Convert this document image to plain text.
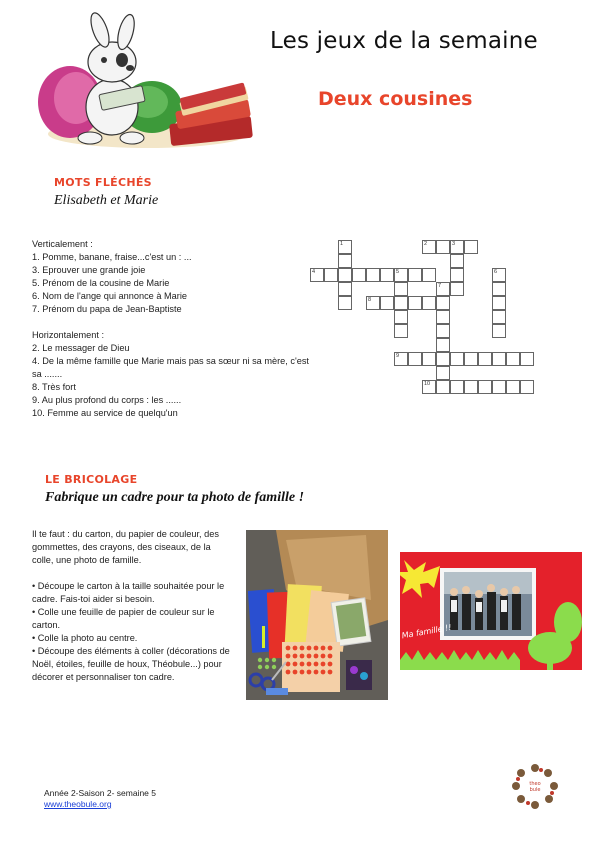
Les jeux de la semaine
Deux cousines
MOTS FLÉCHÉS
Elisabeth et Marie

Verticalement :

1. Pomme, banane, fraise...c'est un : ...

3. Eprouver une grande joie

5. Prénom de la cousine de Marie

6. Nom de l'ange qui annonce à Marie

7. Prénom du papa de Jean-Baptiste

Horizontalement :

2. Le messager de Dieu

4. De la même famille que Marie mais pas sa sœur ni sa mère, c'est sa .......

8. Très fort

9. Au plus profond du corps : les ......

10. Femme au service de quelqu'un

1	2	3
4	5	6
7
8
9
10
LE BRICOLAGE
Fabrique un cadre pour ta photo de famille !

Il te faut : du carton, du papier de couleur, des gommettes, des crayons, des ciseaux, de la colle, une photo de famille.

• Découpe le carton à la taille souhaitée pour le cadre. Fais-toi aider si besoin.

• Colle une feuille de papier de couleur sur le carton.

• Colle la photo au centre.

• Découpe des éléments à coller (décorations de Noël, étoiles, feuille de houx, Théobule...) pour décorer et personnaliser ton cadre.

Ma famille !!
Année 2-Saison 2- semaine 5
www.theobule.org
theo
bule
